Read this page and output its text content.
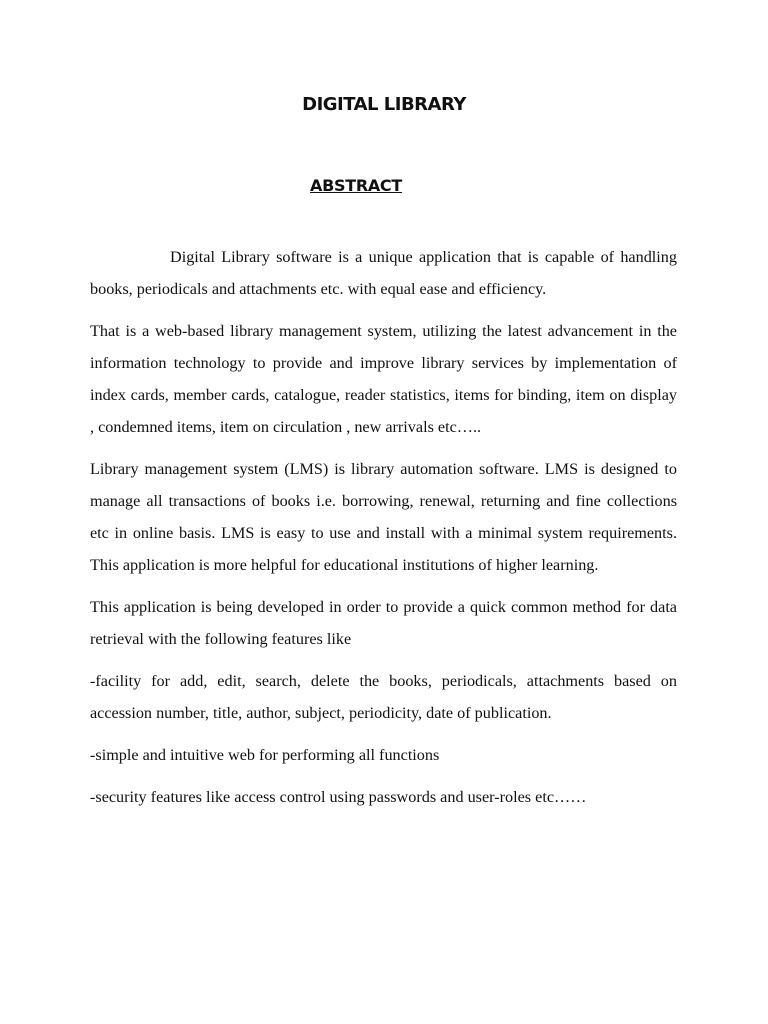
DIGITAL LIBRARY
ABSTRACT

Digital Library software is a unique application that is capable of handling books, periodicals and attachments etc. with equal ease and efficiency.

That is a web-based library management system, utilizing the latest advancement in the information technology to provide and improve library services by implementation of index cards, member cards, catalogue, reader statistics, items for binding, item on display , condemned items, item on circulation , new arrivals etc…..

Library management system (LMS) is library automation software. LMS is designed to manage all transactions of books i.e. borrowing, renewal, returning and fine collections etc in online basis. LMS is easy to use and install with a minimal system requirements. This application is more helpful for educational institutions of higher learning.

This application is being developed in order to provide a quick common method for data retrieval with the following features like

-facility for add, edit, search, delete the books, periodicals, attachments based on accession number, title, author, subject, periodicity, date of publication.

-simple and intuitive web for performing all functions

-security features like access control using passwords and user-roles etc……
